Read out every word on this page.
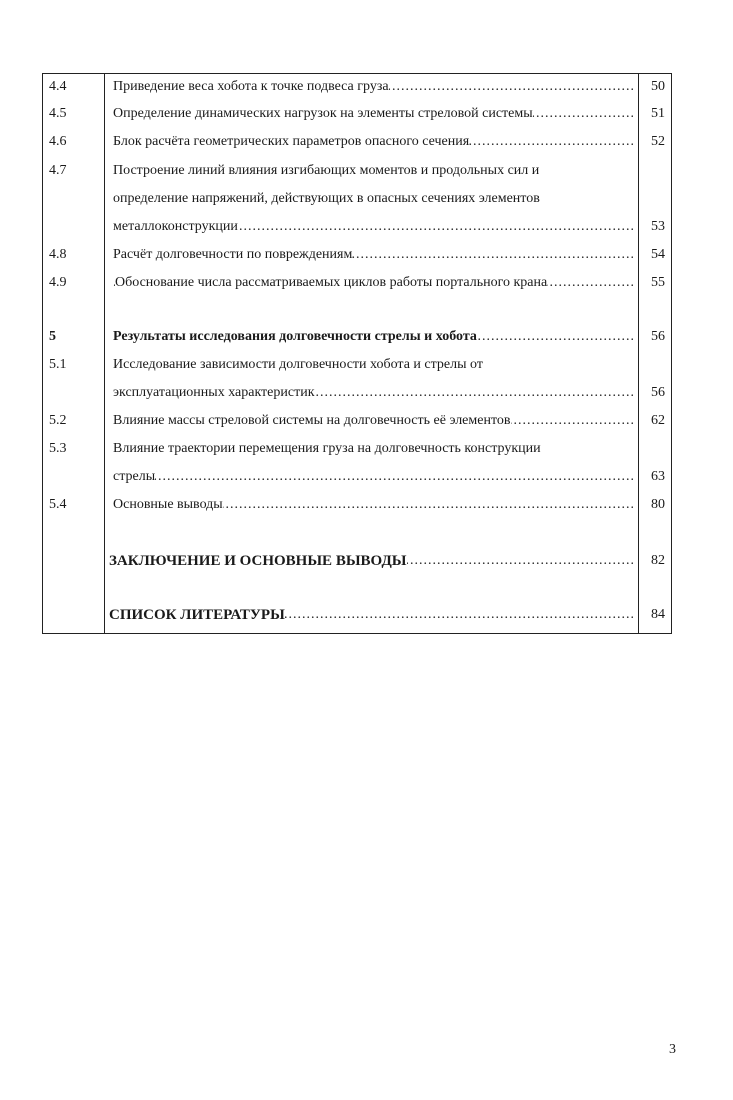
4.4 .....	Приведение веса хобота к точке подвеса груза	50
4.5 .....	Определение динамических нагрузок на элементы стреловой системы	51
4.6 .....	Блок расчёта геометрических параметров опасного сечения	52
4.7	Построение линий влияния изгибающих моментов и продольных сил и
определение напряжений, действующих в опасных сечениях элементов
.....
металлоконструкции	53
4.8 .....	Расчёт долговечности по повреждениям	54
4.9 .....	Обоснование числа рассматриваемых циклов работы портального крана	55
5 .....	Результаты исследования долговечности стрелы и хобота	56
5.1	Исследование зависимости долговечности хобота и стрелы от
.....
эксплуатационных характеристик	56
5.2 .....	Влияние массы стреловой системы на долговечность её элементов	62
5.3	Влияние траектории перемещения груза на долговечность конструкции
.....
стрелы	63
5.4 .....	Основные выводы	80
.....
ЗАКЛЮЧЕНИЕ И ОСНОВНЫЕ ВЫВОДЫ	82
.....
СПИСОК ЛИТЕРАТУРЫ	84
3
